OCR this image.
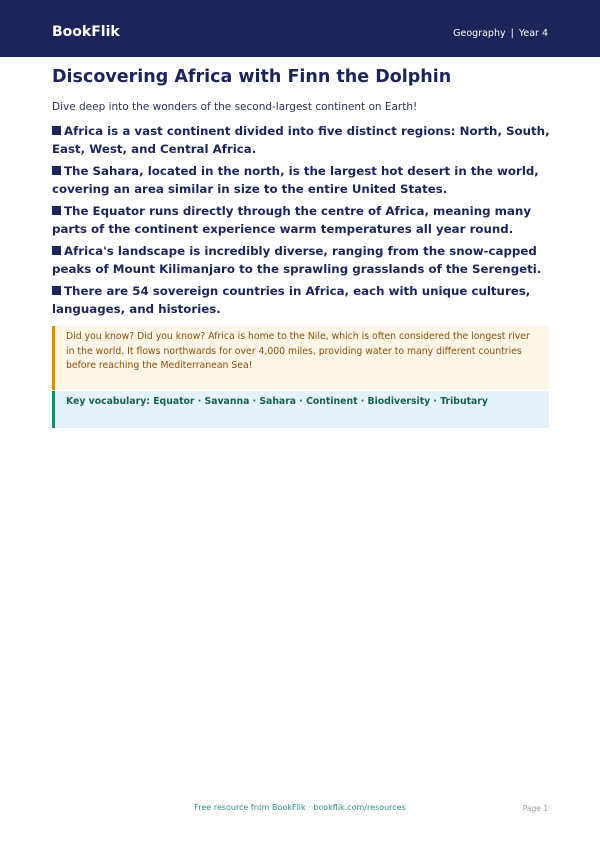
BookFlik	Geography | Year 4
Discovering Africa with Finn the Dolphin

Dive deep into the wonders of the second-largest continent on Earth!

Africa is a vast continent divided into five distinct regions: North, South, East, West, and Central Africa.
The Sahara, located in the north, is the largest hot desert in the world, covering an area similar in size to the entire United States.
The Equator runs directly through the centre of Africa, meaning many parts of the continent experience warm temperatures all year round.
Africa's landscape is incredibly diverse, ranging from the snow-capped peaks of Mount Kilimanjaro to the sprawling grasslands of the Serengeti.
There are 54 sovereign countries in Africa, each with unique cultures, languages, and histories.
Did you know? Did you know? Africa is home to the Nile, which is often considered the longest river in the world. It flows northwards for over 4,000 miles, providing water to many different countries before reaching the Mediterranean Sea!
Key vocabulary: Equator · Savanna · Sahara · Continent · Biodiversity · Tributary
Free resource from BookFlik · bookflik.com/resources	Page 1
